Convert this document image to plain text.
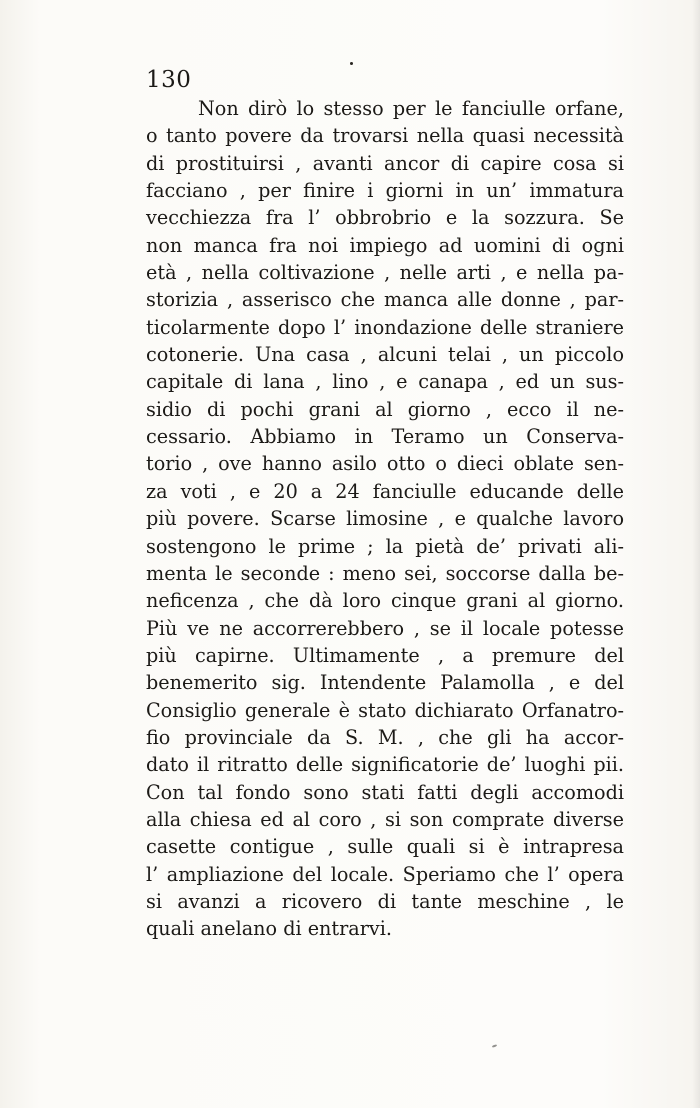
130
Non dirò lo stesso per le fanciulle orfane,
o tanto povere da trovarsi nella quasi necessità
di prostituirsi , avanti ancor di capire cosa si
facciano , per finire i giorni in un’ immatura
vecchiezza fra l’ obbrobrio e la sozzura. Se
non manca fra noi impiego ad uomini di ogni
età , nella coltivazione , nelle arti , e nella pa-
storizia , asserisco che manca alle donne , par-
ticolarmente dopo l’ inondazione delle straniere
cotonerie. Una casa , alcuni telai , un piccolo
capitale di lana , lino , e canapa , ed un sus-
sidio di pochi grani al giorno , ecco il ne-
cessario. Abbiamo in Teramo un Conserva-
torio , ove hanno asilo otto o dieci oblate sen-
za voti , e 20 a 24 fanciulle educande delle
più povere. Scarse limosine , e qualche lavoro
sostengono le prime ; la pietà de’ privati ali-
menta le seconde : meno sei, soccorse dalla be-
neficenza , che dà loro cinque grani al giorno.
Più ve ne accorrerebbero , se il locale potesse
più capirne. Ultimamente , a premure del
benemerito sig. Intendente Palamolla , e del
Consiglio generale è stato dichiarato Orfanatro-
fio provinciale da S. M. , che gli ha accor-
dato il ritratto delle significatorie de’ luoghi pii.
Con tal fondo sono stati fatti degli accomodi
alla chiesa ed al coro , si son comprate diverse
casette contigue , sulle quali si è intrapresa
l’ ampliazione del locale. Speriamo che l’ opera
si avanzi a ricovero di tante meschine , le
quali anelano di entrarvi.
